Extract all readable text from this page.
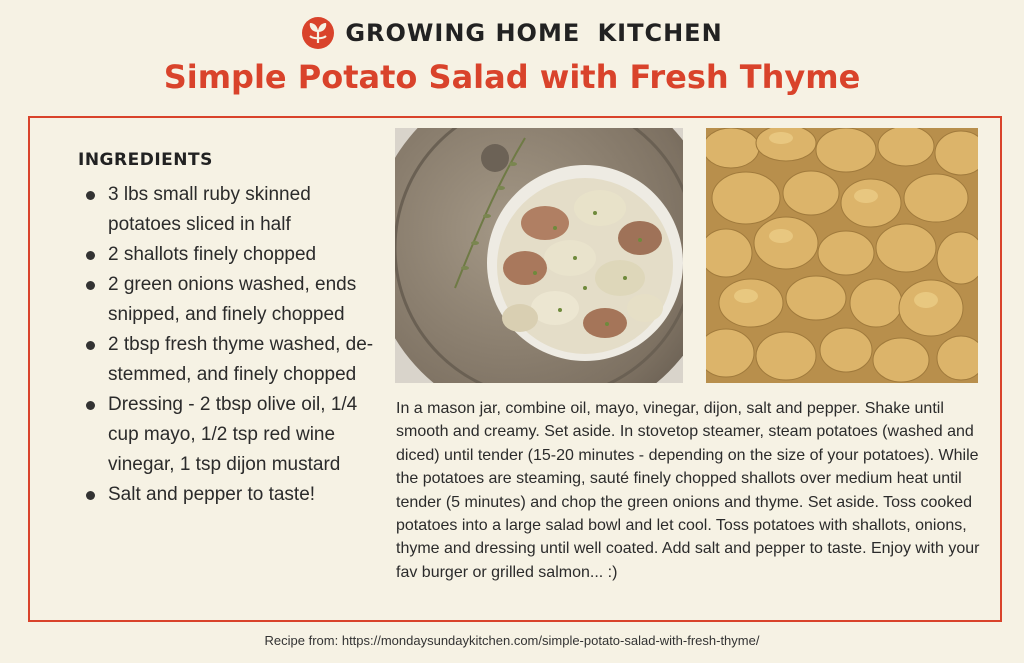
GROWING HOME KITCHEN
Simple Potato Salad with Fresh Thyme
INGREDIENTS
3 lbs small ruby skinned potatoes sliced in half
2 shallots finely chopped
2 green onions washed, ends snipped, and finely chopped
2 tbsp fresh thyme washed, de-stemmed, and finely chopped
Dressing - 2 tbsp olive oil, 1/4 cup mayo, 1/2 tsp red wine vinegar, 1 tsp dijon mustard
Salt and pepper to taste!

In a mason jar, combine oil, mayo, vinegar, dijon, salt and pepper. Shake until smooth and creamy. Set aside. In stovetop steamer, steam potatoes (washed and diced) until tender (15-20 minutes - depending on the size of your potatoes). While the potatoes are steaming, sauté finely chopped shallots over medium heat until tender (5 minutes) and chop the green onions and thyme. Set aside. Toss cooked potatoes into a large salad bowl and let cool. Toss potatoes with shallots, onions, thyme and dressing until well coated. Add salt and pepper to taste. Enjoy with your fav burger or grilled salmon... :)

Recipe from: https://mondaysundaykitchen.com/simple-potato-salad-with-fresh-thyme/
